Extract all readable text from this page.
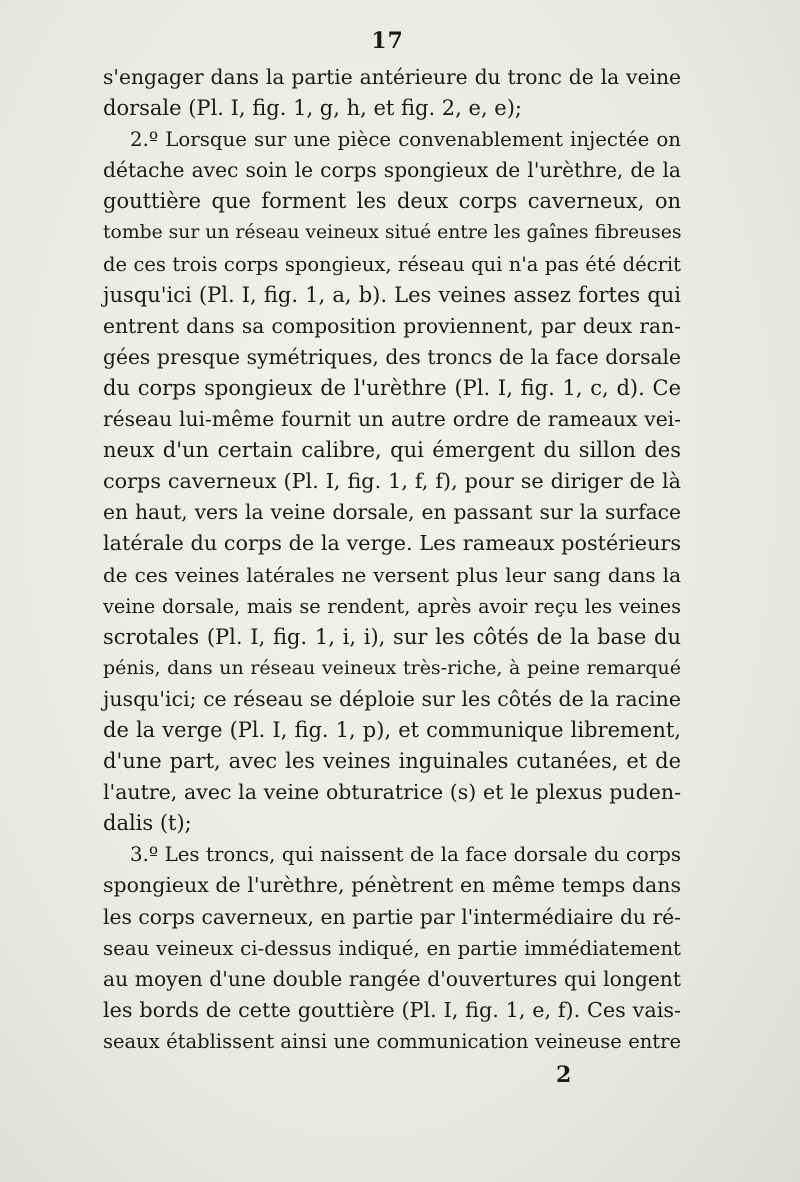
17
s'engager dans la partie antérieure du tronc de la veine
dorsale (Pl. I, fig. 1, g, h, et fig. 2, e, e);
2.º Lorsque sur une pièce convenablement injectée on
détache avec soin le corps spongieux de l'urèthre, de la
gouttière que forment les deux corps caverneux, on
tombe sur un réseau veineux situé entre les gaînes fibreuses
de ces trois corps spongieux, réseau qui n'a pas été décrit
jusqu'ici (Pl. I, fig. 1, a, b). Les veines assez fortes qui
entrent dans sa composition proviennent, par deux ran-
gées presque symétriques, des troncs de la face dorsale
du corps spongieux de l'urèthre (Pl. I, fig. 1, c, d). Ce
réseau lui-même fournit un autre ordre de rameaux vei-
neux d'un certain calibre, qui émergent du sillon des
corps caverneux (Pl. I, fig. 1, f, f), pour se diriger de là
en haut, vers la veine dorsale, en passant sur la surface
latérale du corps de la verge. Les rameaux postérieurs
de ces veines latérales ne versent plus leur sang dans la
veine dorsale, mais se rendent, après avoir reçu les veines
scrotales (Pl. I, fig. 1, i, i), sur les côtés de la base du
pénis, dans un réseau veineux très-riche, à peine remarqué
jusqu'ici; ce réseau se déploie sur les côtés de la racine
de la verge (Pl. I, fig. 1, p), et communique librement,
d'une part, avec les veines inguinales cutanées, et de
l'autre, avec la veine obturatrice (s) et le plexus puden-
dalis (t);
3.º Les troncs, qui naissent de la face dorsale du corps
spongieux de l'urèthre, pénètrent en même temps dans
les corps caverneux, en partie par l'intermédiaire du ré-
seau veineux ci-dessus indiqué, en partie immédiatement
au moyen d'une double rangée d'ouvertures qui longent
les bords de cette gouttière (Pl. I, fig. 1, e, f). Ces vais-
seaux établissent ainsi une communication veineuse entre
2
